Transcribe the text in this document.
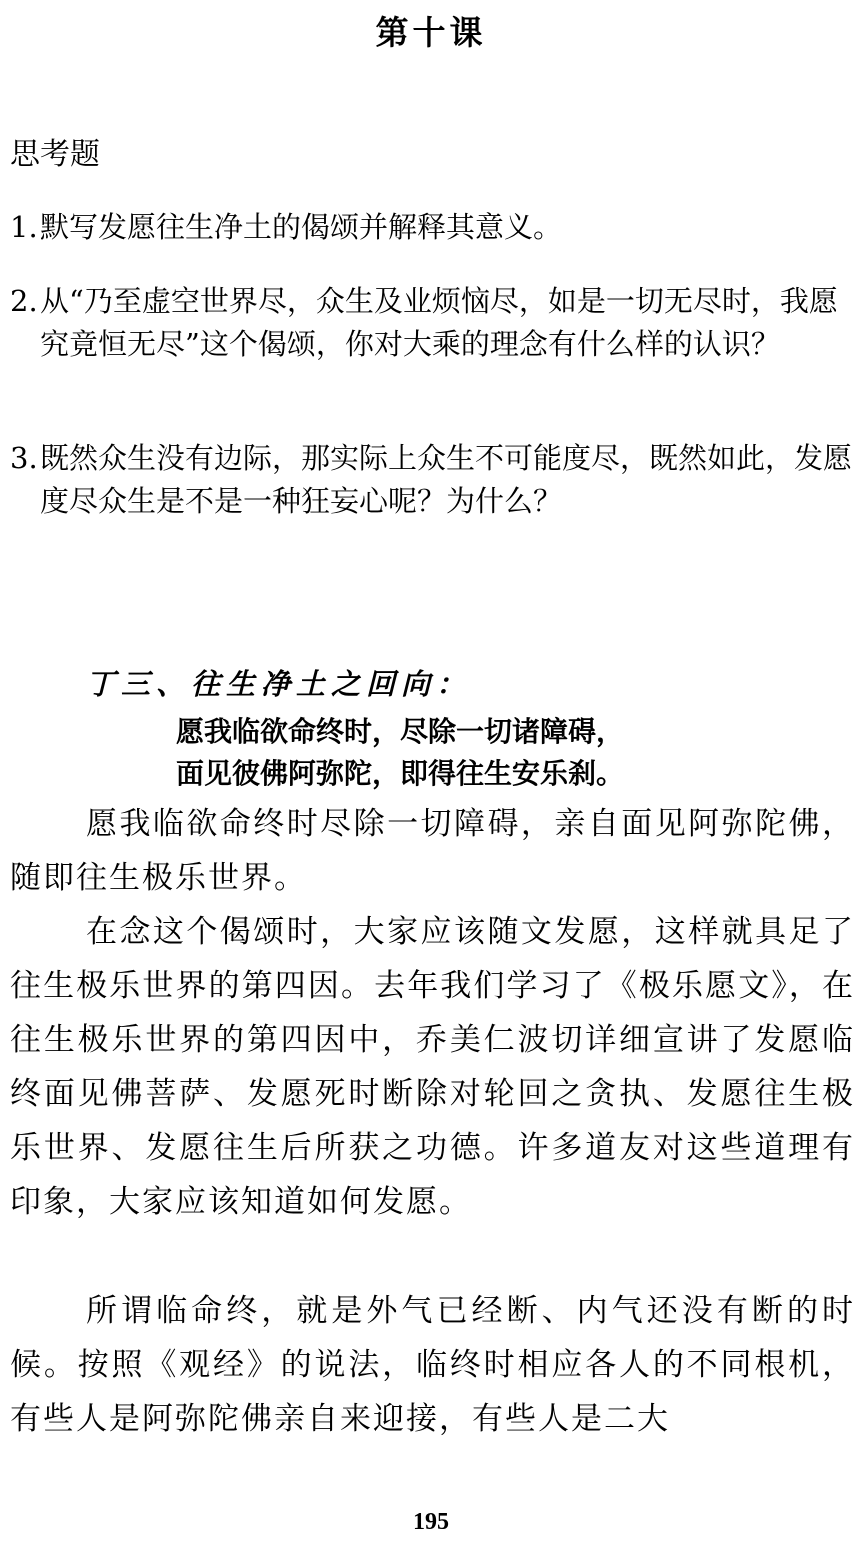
第十课
思考题
1. 默写发愿往生净土的偈颂并解释其意义。
2. 从“乃至虚空世界尽，众生及业烦恼尽，如是一切无尽时，我愿究竟恒无尽”这个偈颂，你对大乘的理念有什么样的认识？
3. 既然众生没有边际，那实际上众生不可能度尽，既然如此，发愿度尽众生是不是一种狂妄心呢？为什么？
丁三、往生净土之回向：
愿我临欲命终时，尽除一切诸障碍，
面见彼佛阿弥陀，即得往生安乐刹。

愿我临欲命终时尽除一切障碍，亲自面见阿弥陀佛，随即往生极乐世界。

在念这个偈颂时，大家应该随文发愿，这样就具足了往生极乐世界的第四因。去年我们学习了《极乐愿文》，在往生极乐世界的第四因中，乔美仁波切详细宣讲了发愿临终面见佛菩萨、发愿死时断除对轮回之贪执、发愿往生极乐世界、发愿往生后所获之功德。许多道友对这些道理有印象，大家应该知道如何发愿。

所谓临命终，就是外气已经断、内气还没有断的时候。按照《观经》的说法，临终时相应各人的不同根机，有些人是阿弥陀佛亲自来迎接，有些人是二大

195
